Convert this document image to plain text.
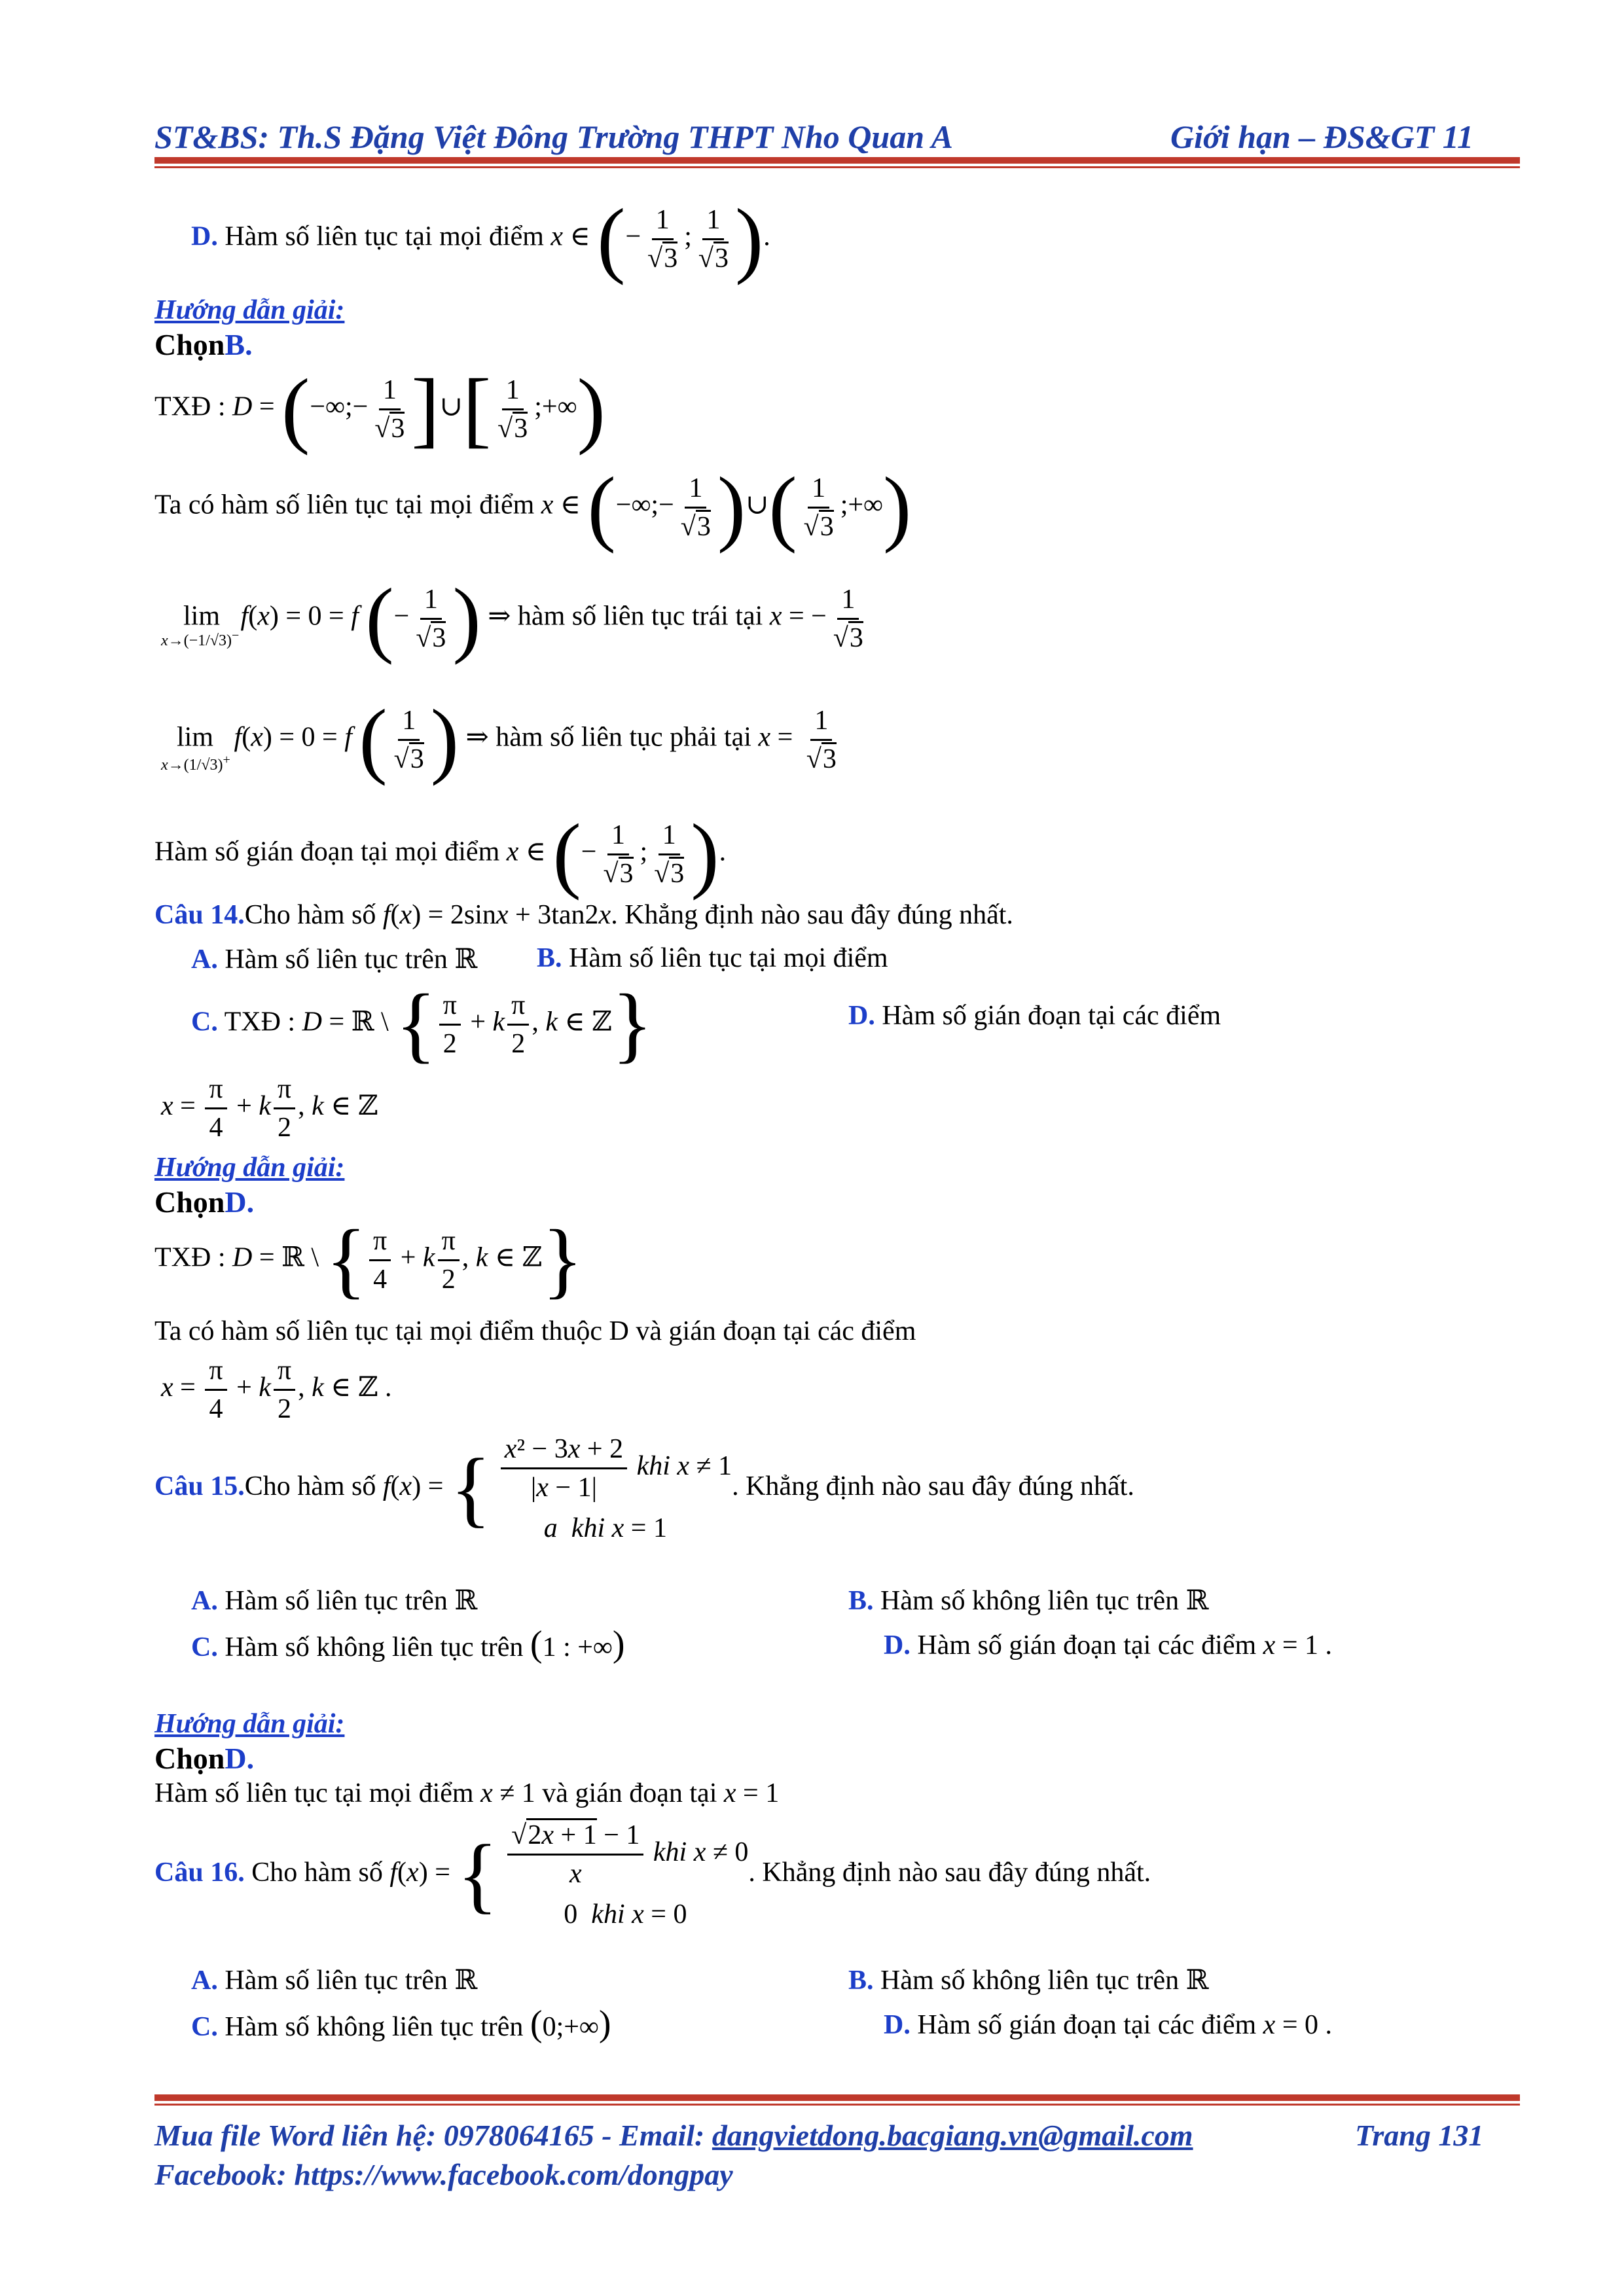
ST&BS: Th.S Đặng Việt Đông Trường THPT Nho Quan A	Giới hạn – ĐS&GT 11
D. Hàm số liên tục tại mọi điểm x ∈ (− $\frac{1}{√3}$ ; $\frac{1}{√3}$ ).
Hướng dẫn giải:
ChọnB.
TXĐ : D = (−∞;− $\frac{1}{√3}$ ]∪[ $\frac{1}{√3}$ ;+∞)
Ta có hàm số liên tục tại mọi điểm x ∈ (−∞;− $\frac{1}{√3}$ )∪( $\frac{1}{√3}$ ;+∞)
lim f(x) = 0 = f (− $\frac{1}{√3}$ ) ⇒ hàm số liên tục trái tại x = − $\frac{1}{√3}$
x→(−1/√3)−
lim f(x) = 0 = f ( $\frac{1}{√3}$ ) ⇒ hàm số liên tục phải tại $x = \frac{1}{√3}$
x→(1/√3)+
Hàm số gián đoạn tại mọi điểm x ∈ (− $\frac{1}{√3}$ ; $\frac{1}{√3}$ ).
Câu 14.Cho hàm số f(x) = 2sinx + 3tan2x. Khẳng định nào sau đây đúng nhất.
A. Hàm số liên tục trên ℝ B. Hàm số liên tục tại mọi điểm
C. TXĐ : D = ℝ \ { $\frac{\pi}{2} + k \frac{\pi}{2}$ , k ∈ ℤ}	D. Hàm số gián đoạn tại các điểm
$x = \frac{\pi}{4} + k \frac{\pi}{2}$ , k ∈ ℤ
Hướng dẫn giải:
ChọnD.
TXĐ : D = ℝ \ { $\frac{\pi}{4} + k \frac{\pi}{2}$ , k ∈ ℤ}
Ta có hàm số liên tục tại mọi điểm thuộc D và gián đoạn tại các điểm
$x = \frac{\pi}{4} + k \frac{\pi}{2}$ , k ∈ ℤ .
Câu 15.Cho hàm số f(x) = { $\frac{\text{x² − 3x + 2}}{|x - 1|}$ khi x ≠ 1
a  khi x = 1
. Khẳng định nào sau đây đúng nhất.
A. Hàm số liên tục trên ℝ	B. Hàm số không liên tục trên ℝ
C. Hàm số không liên tục trên (1 : +∞)	D. Hàm số gián đoạn tại các điểm x = 1 .
Hướng dẫn giải:
ChọnD.
Hàm số liên tục tại mọi điểm x ≠ 1 và gián đoạn tại x = 1
Câu 16. Cho hàm số f(x) = { $\frac{√2x + 1 - 1}{x}$ khi x ≠ 0
0  khi x = 0
. Khẳng định nào sau đây đúng nhất.
A. Hàm số liên tục trên ℝ	B. Hàm số không liên tục trên ℝ
C. Hàm số không liên tục trên (0;+∞)	D. Hàm số gián đoạn tại các điểm x = 0 .
Mua file Word liên hệ: 0978064165 - Email: dangvietdong.bacgiang.vn@gmail.com	Trang 131
Facebook: https://www.facebook.com/dongpay
